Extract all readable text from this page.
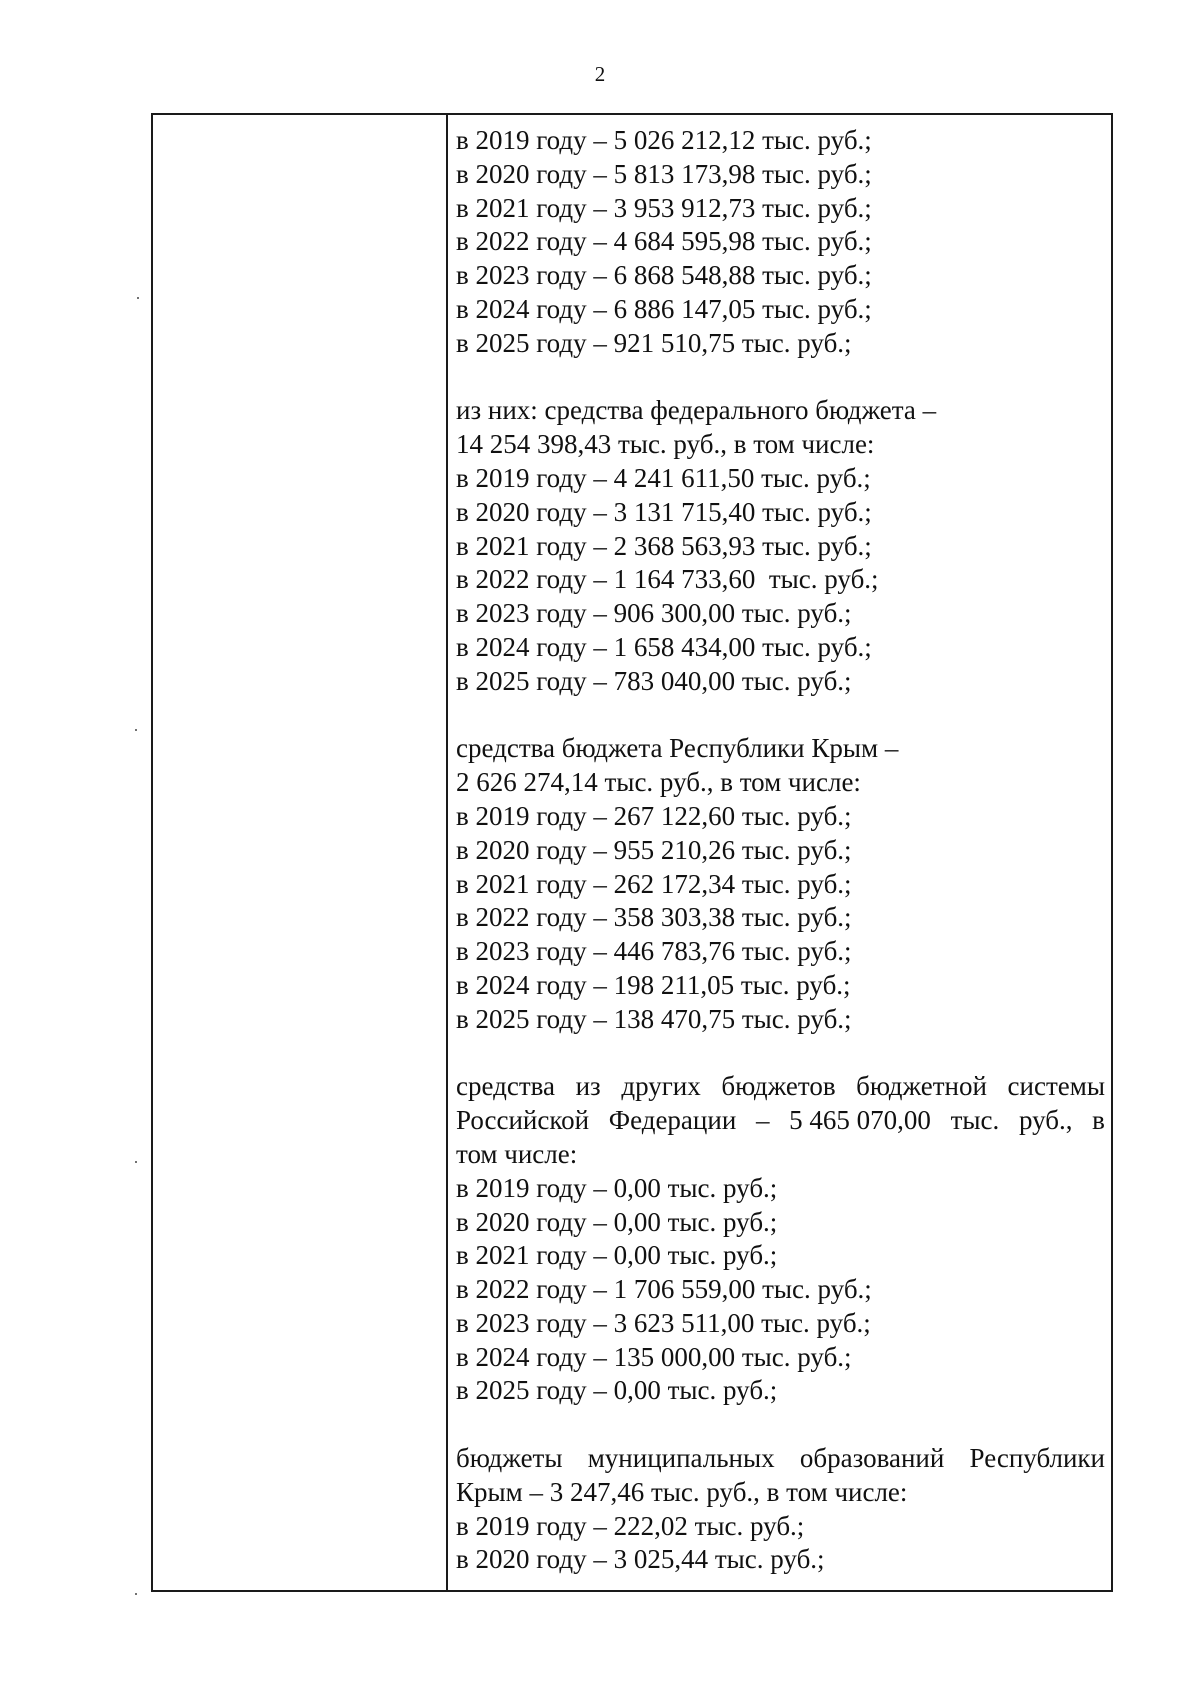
2
в 2019 году – 5 026 212,12 тыс. руб.;
в 2020 году – 5 813 173,98 тыс. руб.;
в 2021 году – 3 953 912,73 тыс. руб.;
в 2022 году – 4 684 595,98 тыс. руб.;
в 2023 году – 6 868 548,88 тыс. руб.;
в 2024 году – 6 886 147,05 тыс. руб.;
в 2025 году – 921 510,75 тыс. руб.;
из них: средства федерального бюджета –
14 254 398,43 тыс. руб., в том числе:
в 2019 году – 4 241 611,50 тыс. руб.;
в 2020 году – 3 131 715,40 тыс. руб.;
в 2021 году – 2 368 563,93 тыс. руб.;
в 2022 году – 1 164 733,60  тыс. руб.;
в 2023 году – 906 300,00 тыс. руб.;
в 2024 году – 1 658 434,00 тыс. руб.;
в 2025 году – 783 040,00 тыс. руб.;
средства бюджета Республики Крым –
2 626 274,14 тыс. руб., в том числе:
в 2019 году – 267 122,60 тыс. руб.;
в 2020 году – 955 210,26 тыс. руб.;
в 2021 году – 262 172,34 тыс. руб.;
в 2022 году – 358 303,38 тыс. руб.;
в 2023 году – 446 783,76 тыс. руб.;
в 2024 году – 198 211,05 тыс. руб.;
в 2025 году – 138 470,75 тыс. руб.;
средства из других бюджетов бюджетной системы
Российской Федерации – 5 465 070,00 тыс. руб., в
том числе:
в 2019 году – 0,00 тыс. руб.;
в 2020 году – 0,00 тыс. руб.;
в 2021 году – 0,00 тыс. руб.;
в 2022 году – 1 706 559,00 тыс. руб.;
в 2023 году – 3 623 511,00 тыс. руб.;
в 2024 году – 135 000,00 тыс. руб.;
в 2025 году – 0,00 тыс. руб.;
бюджеты муниципальных образований Республики
Крым – 3 247,46 тыс. руб., в том числе:
в 2019 году – 222,02 тыс. руб.;
в 2020 году – 3 025,44 тыс. руб.;
